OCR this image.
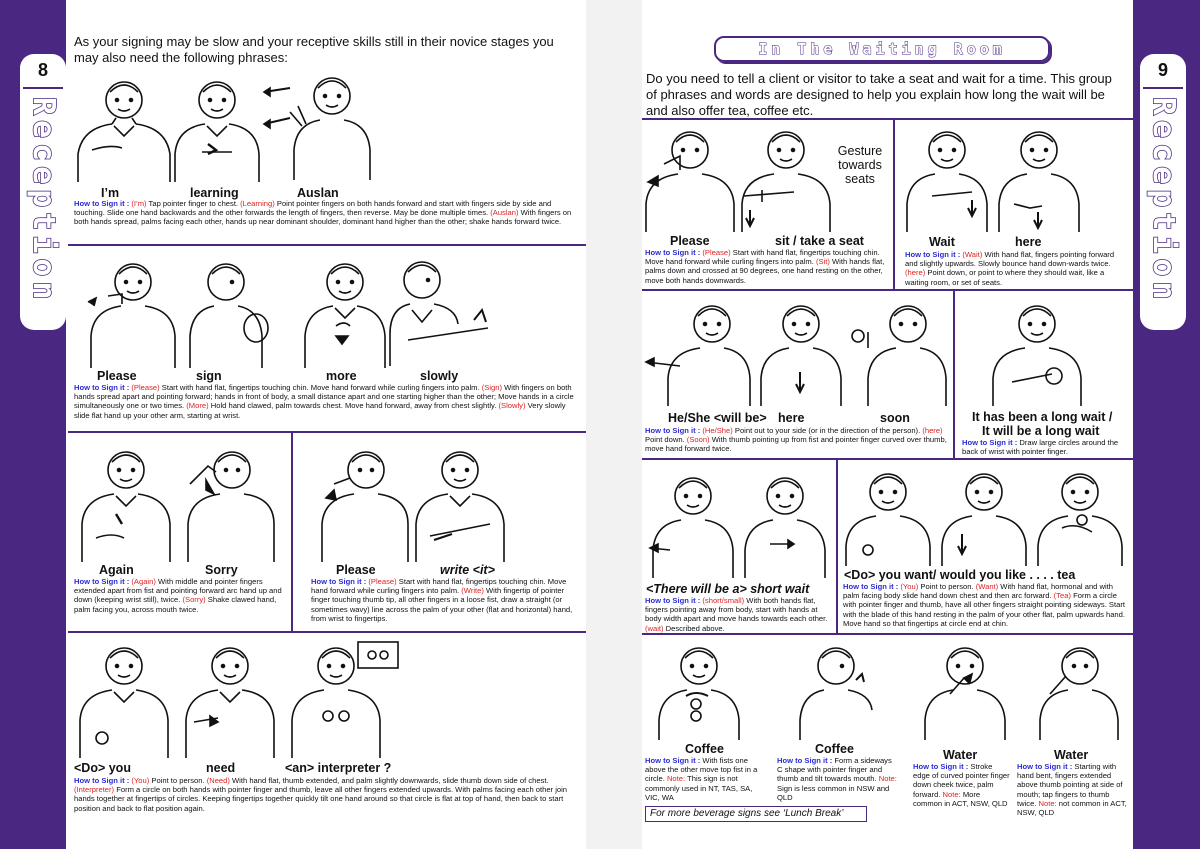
8
Reception
9
Reception
As your signing may be slow and your receptive skills still in their novice stages you may also need the following phrases:
I’m	learning	Auslan
How to Sign it : (I’m) Tap pointer finger to chest. (Learning) Point pointer fingers on both hands forward and start with fingers side by side and touching. Slide one hand backwards and the other forwards the length of fingers, then reverse. May be done multiple times. (Auslan) With fingers on both hands spread, palms facing each other, hands up near dominant shoulder, dominant hand higher than the other; shake hands forward twice.
Please	sign	more	slowly
How to Sign it : (Please) Start with hand flat, fingertips touching chin. Move hand forward while curling fingers into palm. (Sign) With fingers on both hands spread apart and pointing forward; hands in front of body, a small distance apart and one starting higher than the other; Move hands in a circle simultaneously one or two times. (More) Hold hand clawed, palm towards chest. Move hand forward, away from chest slightly. (Slowly) Very slowly slide flat hand up your other arm, starting at wrist.
Again	Sorry
How to Sign it : (Again) With middle and pointer fingers extended apart from fist and pointing forward arc hand up and down (keeping wrist still), twice. (Sorry) Shake clawed hand, palm facing you, across mouth twice.
Please	write <it>
How to Sign it : (Please) Start with hand flat, fingertips touching chin. Move hand forward while curling fingers into palm. (Write) With fingertip of pointer finger touching thumb tip, all other fingers in a loose fist, draw a straight (or sometimes wavy) line across the palm of your other (flat and horizontal) hand, from wrist to fingertips.
<Do> you	need	<an> interpreter ?
How to Sign it : (You) Point to person. (Need) With hand flat, thumb extended, and palm slightly downwards, slide thumb down side of chest. (Interpreter) Form a circle on both hands with pointer finger and thumb, leave all other fingers extended upwards. With palms facing each other join hands together at fingertips of circles. Keeping fingertips together quickly tilt one hand around so that circle is flat at top of hand, then back to start position and back to flat position again.
In The Waiting Room
Do you need to tell a client or visitor to take a seat and wait for a time. This group of phrases and words are designed to help you explain how long the wait will be and also offer tea, coffee etc.
Gesture towards seats
Please	sit / take a seat
How to Sign it : (Please) Start with hand flat, fingertips touching chin. Move hand forward while curling fingers into palm. (Sit) With hands flat, palms down and crossed at 90 degrees, one hand resting on the other, move both hands downwards.
Wait	here
How to Sign it : (Wait) With hand flat, fingers pointing forward and slightly upwards. Slowly bounce hand down-wards twice. (here) Point down, or point to where they should wait, like a waiting room, or set of seats.
He/She <will be> here	soon
How to Sign it : (He/She) Point out to your side (or in the direction of the person). (here) Point down. (Soon) With thumb pointing up from fist and pointer finger curved over thumb, move hand forward twice.
It has been a long wait /
It will be a long wait
How to Sign it : Draw large circles around the back of wrist with pointer finger.
<There will be a> short wait
How to Sign it : (short/small) With both hands flat, fingers pointing away from body, start with hands at body width apart and move hands towards each other. (wait) Described above.
<Do> you want/ would you like . . . . tea
How to Sign it : (You) Point to person. (Want) With hand flat, hormonal and with palm facing body slide hand down chest and then arc forward. (Tea) Form a circle with pointer finger and thumb, have all other fingers straight pointing sideways. Start with the blade of this hand resting in the palm of your other flat, palm upwards hand. Move hand so that fingertips at circle end at chin.
Coffee
How to Sign it : With fists one above the other move top fist in a circle. Note: This sign is not commonly used in NT, TAS, SA, VIC, WA
Coffee
How to Sign it : Form a sideways C shape with pointer finger and thumb and tilt towards mouth. Note: Sign is less common in NSW and QLD
Water
How to Sign it : Stroke edge of curved pointer finger down cheek twice, palm forward. Note: More common in ACT, NSW, QLD
Water
How to Sign it : Starting with hand bent, fingers extended above thumb pointing at side of mouth; tap fingers to thumb twice. Note: not common in ACT, NSW, QLD
For more beverage signs see ‘Lunch Break’
